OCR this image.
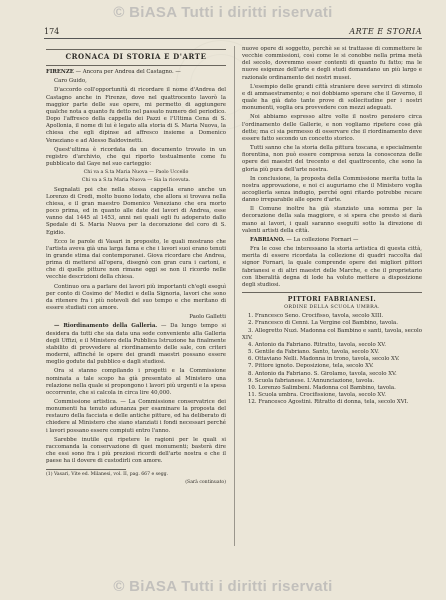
© BiASA Tutti i diritti riservati
174	ARTE E STORIA
CRONACA DI STORIA E D'ARTE

FIRENZE — Ancora per Andrea del Castagno. —

Caro Guido,

D'accordo coll'opportunità di ricordare il nome d'Andrea del Castagno anche in Firenze, dove nel quattrocento lavorò la maggior parte delle sue opere, mi permetto di aggiungere qualche nota a quanto fu detto nel passato numero del periodico. Dopo l'affresco della cappella dei Pazzi e l'Ultima Cena di S. Apollonia, il nome di lui è legato alla storia di S. Maria Nuova, la chiesa che egli dipinse ad affresco insieme a Domenico Veneziano e ad Alesso Baldovinetti.

Quest'ultima è ricordata da un documento trovato in un registro d'archivio, che qui riporto testualmente come fu pubblicato dal Gaye nel suo carteggio:

Chi va a S.ta Maria Nuova — Paolo Uccello

Chi va a S.ta Maria Nuova — Sia la ricevuta.

Segnalati poi che nella stessa cappella erano anche un Lorenzo di Credi, molto buono lodato, che allora si trovava nella chiesa, e il gran maestro Domenico Veneziano che era morto poco prima, ed in quanto alle date dei lavori di Andrea, esse vanno dal 1445 al 1453, anni nei quali egli fu adoperato dallo Spedale di S. Maria Nuova per la decorazione del coro di S. Egidio.

Ecco le parole di Vasari in proposito, le quali mostrano che l'artista aveva già una larga fama e che i lavori suoi erano tenuti in grande stima dai contemporanei. Giova ricordare che Andrea, prima di mettersi all'opera, disegnò con gran cura i cartoni, e che di quelle pitture non rimane oggi se non il ricordo nelle vecchie descrizioni della chiesa.

Continuo ora a parlare dei lavori più importanti ch'egli eseguì per conto di Cosimo de' Medici e della Signoria, lavori che sono da ritenere fra i più notevoli del suo tempo e che meritano di essere studiati con amore.

Paolo Galletti

— Riordinamento della Galleria. — Da lungo tempo si desidera da tutti che sia data una sede conveniente alla Galleria degli Uffizi, e il Ministero della Pubblica Istruzione ha finalmente stabilito di provvedere al riordinamento delle sale, con criteri moderni, affinché le opere dei grandi maestri possano essere meglio godute dal pubblico e dagli studiosi.

Ora si stanno compilando i progetti e la Commissione nominata a tale scopo ha già presentato al Ministero una relazione nella quale si propongono i lavori più urgenti e la spesa occorrente, che si calcola in circa lire 40,000.

Commissione artistica. — La Commissione conservatrice dei monumenti ha tenuto adunanza per esaminare la proposta del restauro della facciata e delle antiche pitture, ed ha deliberato di chiedere al Ministero che siano stanziati i fondi necessari perché i lavori possano essere compiuti entro l'anno.

Sarebbe inutile qui ripetere le ragioni per le quali si raccomanda la conservazione di quei monumenti; basterà dire che essi sono fra i più preziosi ricordi dell'arte nostra e che il paese ha il dovere di custodirli con amore.

(1) Vasari, Vite ed. Milanesi, vol. II, pag. 667 e segg.

(Sarà continuato)

nuove opere di soggetto, perchè se si trattasse di commettere le vecchie commissioni, così come le si conobbe nella prima metà del secolo, dovremmo esser contenti di quanto fu fatto; ma le nuove esigenze dell'arte e degli studi domandano un più largo e razionale ordinamento dei nostri musei.

L'esempio delle grandi città straniere deve servirci di stimolo e di ammaestramento; e noi dobbiamo sperare che il Governo, il quale ha già dato tante prove di sollecitudine per i nostri monumenti, voglia ora provvedere con mezzi adeguati.

Noi abbiamo espresso altre volte il nostro pensiero circa l'ordinamento delle Gallerie, e non vogliamo ripetere cose già dette; ma ci sia permesso di osservare che il riordinamento deve essere fatto secondo un concetto storico.

Tutti sanno che la storia della pittura toscana, e specialmente fiorentina, non può essere compresa senza la conoscenza delle opere dei maestri del trecento e del quattrocento, che sono la gloria più pura dell'arte nostra.

In conclusione, la proposta della Commissione merita tutta la nostra approvazione, e noi ci auguriamo che il Ministero voglia accoglierla senza indugio, perché ogni ritardo potrebbe recare danno irreparabile alle opere d'arte.

Il Comune inoltre ha già stanziato una somma per la decorazione della sala maggiore, e si spera che presto si darà mano ai lavori, i quali saranno eseguiti sotto la direzione di valenti artisti della città.

FABRIANO. — La collezione Fornari —

Fra le cose che interessano la storia artistica di questa città, merita di essere ricordata la collezione di quadri raccolta dal signor Fornari, la quale comprende opere dei migliori pittori fabrianesi e di altri maestri delle Marche, e che il proprietario con liberalità degna di lode ha voluto mettere a disposizione degli studiosi.

PITTORI FABRIANESI.
ORDINE DELLA SCUOLA UMBRA.
1. Francesco Seno. Crocifisso, tavola, secolo XIII.
2. Francesco di Cenni. La Vergine col Bambino, tavola.
3. Allegretto Nuzi. Madonna col Bambino e santi, tavola, secolo XIV.
4. Antonio da Fabriano. Ritratto, tavola, secolo XV.
5. Gentile da Fabriano. Santo, tavola, secolo XV.
6. Ottaviano Nelli. Madonna in trono, tavola, secolo XV.
7. Pittore ignoto. Deposizione, tela, secolo XV.
8. Antonio da Fabriano. S. Girolamo, tavola, secolo XV.
9. Scuola fabrianese. L'Annunciazione, tavola.
10. Lorenzo Salimbeni. Madonna col Bambino, tavola.
11. Scuola umbra. Crocifissione, tavola, secolo XV.
12. Francesco Agostini. Ritratto di donna, tela, secolo XVI.
© BiASA Tutti i diritti riservati
